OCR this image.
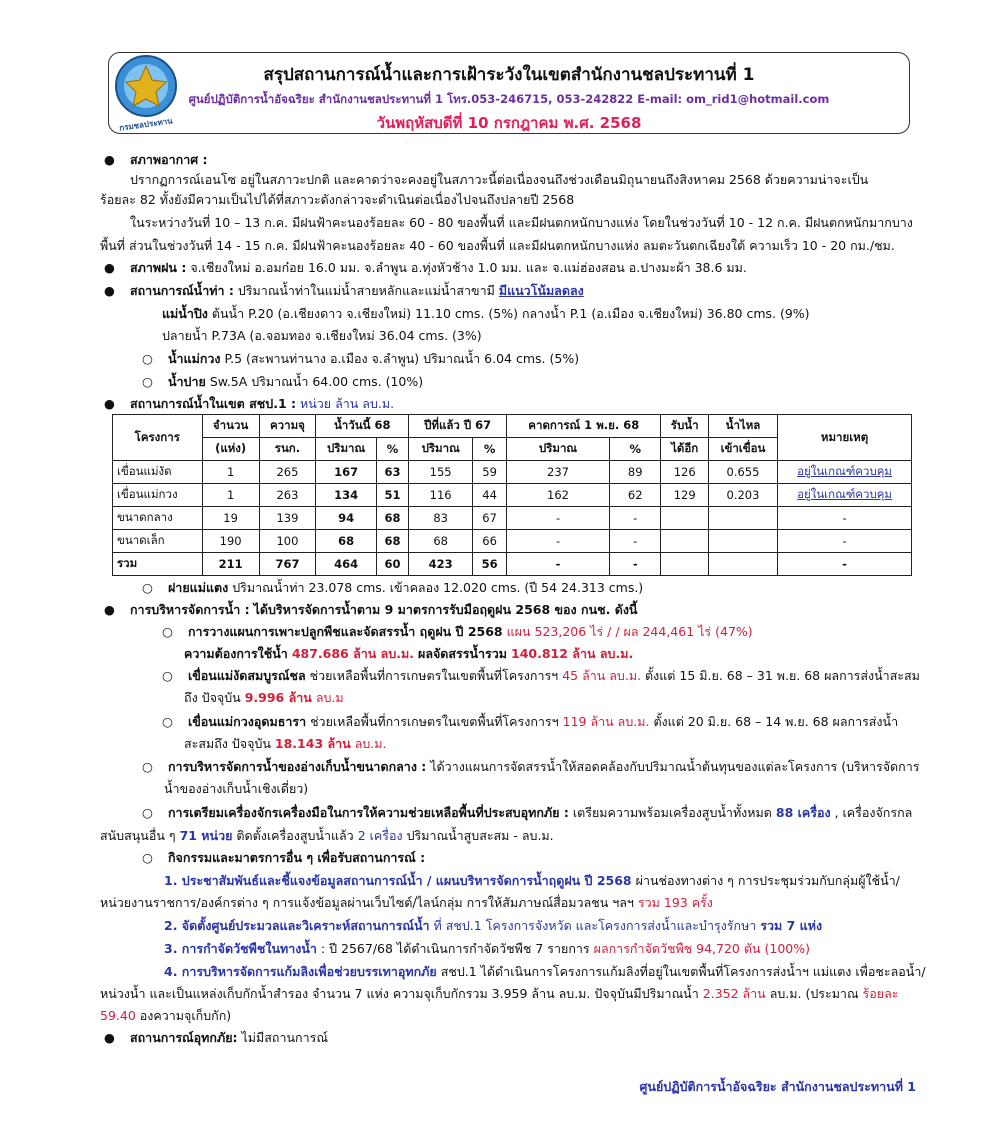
สรุปสถานการณ์น้ำและการเฝ้าระวังในเขตสำนักงานชลประทานที่ 1
ศูนย์ปฏิบัติการน้ำอัจฉริยะ สำนักงานชลประทานที่ 1 โทร.053-246715, 053-242822 E-mail: om_rid1@hotmail.com
วันพฤหัสบดีที่ 10 กรกฎาคม พ.ศ. 2568
กรมชลประทาน
● สภาพอากาศ :
ปรากฏการณ์เอนโซ อยู่ในสภาวะปกติ และคาดว่าจะคงอยู่ในสภาวะนี้ต่อเนื่องจนถึงช่วงเดือนมิถุนายนถึงสิงหาคม 2568 ด้วยความน่าจะเป็น
ร้อยละ 82 ทั้งยังมีความเป็นไปได้ที่สภาวะดังกล่าวจะดำเนินต่อเนื่องไปจนถึงปลายปี 2568
ในระหว่างวันที่ 10 – 13 ก.ค. มีฝนฟ้าคะนองร้อยละ 60 - 80 ของพื้นที่ และมีฝนตกหนักบางแห่ง โดยในช่วงวันที่ 10 - 12 ก.ค. มีฝนตกหนักมากบาง
พื้นที่ ส่วนในช่วงวันที่ 14 - 15 ก.ค. มีฝนฟ้าคะนองร้อยละ 40 - 60 ของพื้นที่ และมีฝนตกหนักบางแห่ง ลมตะวันตกเฉียงใต้ ความเร็ว 10 - 20 กม./ชม.
● สภาพฝน : จ.เชียงใหม่ อ.อมก๋อย 16.0 มม. จ.ลำพูน อ.ทุ่งหัวช้าง 1.0 มม. และ จ.แม่ฮ่องสอน อ.ปางมะผ้า 38.6 มม.
● สถานการณ์น้ำท่า : ปริมาณน้ำท่าในแม่น้ำสายหลักและแม่น้ำสาขามี มีแนวโน้มลดลง
แม่น้ำปิง ต้นน้ำ P.20 (อ.เชียงดาว จ.เชียงใหม่) 11.10 cms. (5%) กลางน้ำ P.1 (อ.เมือง จ.เชียงใหม่) 36.80 cms. (9%)
ปลายน้ำ P.73A (อ.จอมทอง จ.เชียงใหม่ 36.04 cms. (3%)
○ น้ำแม่กวง P.5 (สะพานท่านาง อ.เมือง จ.ลำพูน) ปริมาณน้ำ 6.04 cms. (5%)
○ น้ำปาย Sw.5A ปริมาณน้ำ 64.00 cms. (10%)
● สถานการณ์น้ำในเขต สชป.1 : หน่วย ล้าน ลบ.ม.
โครงการ	จำนวน	ความจุ	น้ำวันนี้ 68		ปีที่แล้ว ปี 67		คาดการณ์ 1 พ.ย. 68		รับน้ำ	น้ำไหล	หมายเหตุ
	(แห่ง)	รนก.	ปริมาณ	%	ปริมาณ	%	ปริมาณ	%	ได้อีก	เข้าเขื่อน	
เขื่อนแม่งัด	1	265	167	63	155	59	237	89	126	0.655	อยู่ในเกณฑ์ควบคุม
เขื่อนแม่กวง	1	263	134	51	116	44	162	62	129	0.203	อยู่ในเกณฑ์ควบคุม
ขนาดกลาง	19	139	94	68	83	67	-	-			-
ขนาดเล็ก	190	100	68	68	68	66	-	-			-
รวม	211	767	464	60	423	56	-	-			-
○ ฝายแม่แตง ปริมาณน้ำท่า 23.078 cms. เข้าคลอง 12.020 cms. (ปี 54 24.313 cms.)
● การบริหารจัดการน้ำ : ได้บริหารจัดการน้ำตาม 9 มาตรการรับมือฤดูฝน 2568 ของ กนช. ดังนี้
○ การวางแผนการเพาะปลูกพืชและจัดสรรน้ำ ฤดูฝน ปี 2568 แผน 523,206 ไร่ / / ผล 244,461 ไร่ (47%)
ความต้องการใช้น้ำ 487.686 ล้าน ลบ.ม. ผลจัดสรรน้ำรวม 140.812 ล้าน ลบ.ม.
○ เขื่อนแม่งัดสมบูรณ์ชล ช่วยเหลือพื้นที่การเกษตรในเขตพื้นที่โครงการฯ 45 ล้าน ลบ.ม. ตั้งแต่ 15 มิ.ย. 68 – 31 พ.ย. 68 ผลการส่งน้ำสะสม
ถึง ปัจจุบัน 9.996 ล้าน ลบ.ม
○ เขื่อนแม่กวงอุดมธารา ช่วยเหลือพื้นที่การเกษตรในเขตพื้นที่โครงการฯ 119 ล้าน ลบ.ม. ตั้งแต่ 20 มิ.ย. 68 – 14 พ.ย. 68 ผลการส่งน้ำ
สะสมถึง ปัจจุบัน 18.143 ล้าน ลบ.ม.
○ การบริหารจัดการน้ำของอ่างเก็บน้ำขนาดกลาง : ได้วางแผนการจัดสรรน้ำให้สอดคล้องกับปริมาณน้ำต้นทุนของแต่ละโครงการ (บริหารจัดการ
น้ำของอ่างเก็บน้ำเชิงเดี่ยว)
○ การเตรียมเครื่องจักรเครื่องมือในการให้ความช่วยเหลือพื้นที่ประสบอุทกภัย : เตรียมความพร้อมเครื่องสูบน้ำทั้งหมด 88 เครื่อง , เครื่องจักรกล
สนับสนุนอื่น ๆ 71 หน่วย ติดตั้งเครื่องสูบน้ำแล้ว 2 เครื่อง ปริมาณน้ำสูบสะสม - ลบ.ม.
○ กิจกรรมและมาตรการอื่น ๆ เพื่อรับสถานการณ์ :
1. ประชาสัมพันธ์และชี้แจงข้อมูลสถานการณ์น้ำ / แผนบริหารจัดการน้ำฤดูฝน ปี 2568 ผ่านช่องทางต่าง ๆ การประชุมร่วมกับกลุ่มผู้ใช้น้ำ/
หน่วยงานราชการ/องค์กรต่าง ๆ การแจ้งข้อมูลผ่านเว็บไซต์/ไลน์กลุ่ม การให้สัมภาษณ์สื่อมวลชน ฯลฯ รวม 193 ครั้ง
2. จัดตั้งศูนย์ประมวลและวิเคราะห์สถานการณ์น้ำ ที่ สชป.1 โครงการจังหวัด และโครงการส่งน้ำและบำรุงรักษา รวม 7 แห่ง
3. การกำจัดวัชพืชในทางน้ำ : ปี 2567/68 ได้ดำเนินการกำจัดวัชพืช 7 รายการ ผลการกำจัดวัชพืช 94,720 ตัน (100%)
4. การบริหารจัดการแก้มลิงเพื่อช่วยบรรเทาอุทกภัย สชป.1 ได้ดำเนินการโครงการแก้มลิงที่อยู่ในเขตพื้นที่โครงการส่งน้ำฯ แม่แตง เพื่อชะลอน้ำ/
หน่วงน้ำ และเป็นแหล่งเก็บกักน้ำสำรอง จำนวน 7 แห่ง ความจุเก็บกักรวม 3.959 ล้าน ลบ.ม. ปัจจุบันมีปริมาณน้ำ 2.352 ล้าน ลบ.ม. (ประมาณ ร้อยละ
59.40 องความจุเก็บกัก)
● สถานการณ์อุทกภัย: ไม่มีสถานการณ์
ศูนย์ปฏิบัติการน้ำอัจฉริยะ สำนักงานชลประทานที่ 1
